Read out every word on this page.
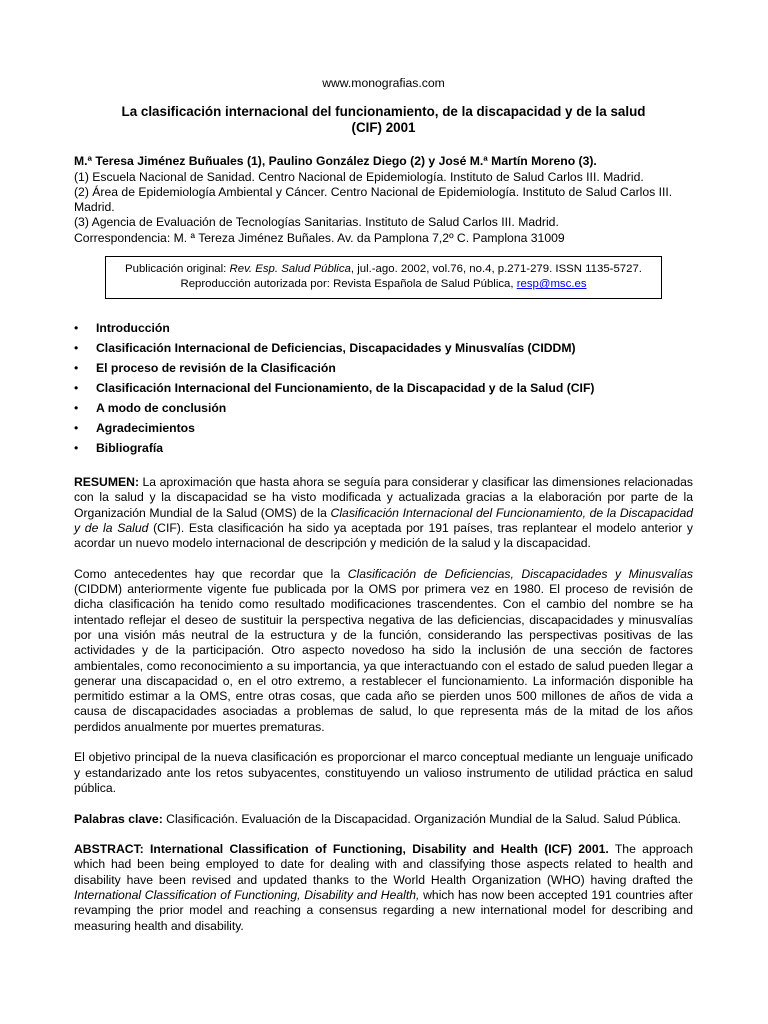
www.monografias.com
La clasificación internacional del funcionamiento, de la discapacidad y de la salud
(CIF) 2001
M.ª Teresa Jiménez Buñuales (1), Paulino González Diego (2) y José M.ª Martín Moreno (3).
(1) Escuela Nacional de Sanidad. Centro Nacional de Epidemiología. Instituto de Salud Carlos III. Madrid.
(2) Área de Epidemiología Ambiental y Cáncer. Centro Nacional de Epidemiología. Instituto de Salud Carlos III. Madrid.
(3) Agencia de Evaluación de Tecnologías Sanitarias. Instituto de Salud Carlos III. Madrid.
Correspondencia: M. ª Tereza Jiménez Buñales. Av. da Pamplona 7,2º C. Pamplona 31009
Publicación original: Rev. Esp. Salud Pública, jul.-ago. 2002, vol.76, no.4, p.271-279. ISSN 1135-5727.
Reproducción autorizada por: Revista Española de Salud Pública, resp@msc.es
• Introducción
• Clasificación Internacional de Deficiencias, Discapacidades y Minusvalías (CIDDM)
• El proceso de revisión de la Clasificación
• Clasificación Internacional del Funcionamiento, de la Discapacidad y de la Salud (CIF)
• A modo de conclusión
• Agradecimientos
• Bibliografía

RESUMEN: La aproximación que hasta ahora se seguía para considerar y clasificar las dimensiones relacionadas con la salud y la discapacidad se ha visto modificada y actualizada gracias a la elaboración por parte de la Organización Mundial de la Salud (OMS) de la Clasificación Internacional del Funcionamiento, de la Discapacidad y de la Salud (CIF). Esta clasificación ha sido ya aceptada por 191 países, tras replantear el modelo anterior y acordar un nuevo modelo internacional de descripción y medición de la salud y la discapacidad.

Como antecedentes hay que recordar que la Clasificación de Deficiencias, Discapacidades y Minusvalías (CIDDM) anteriormente vigente fue publicada por la OMS por primera vez en 1980. El proceso de revisión de dicha clasificación ha tenido como resultado modificaciones trascendentes. Con el cambio del nombre se ha intentado reflejar el deseo de sustituir la perspectiva negativa de las deficiencias, discapacidades y minusvalías por una visión más neutral de la estructura y de la función, considerando las perspectivas positivas de las actividades y de la participación. Otro aspecto novedoso ha sido la inclusión de una sección de factores ambientales, como reconocimiento a su importancia, ya que interactuando con el estado de salud pueden llegar a generar una discapacidad o, en el otro extremo, a restablecer el funcionamiento. La información disponible ha permitido estimar a la OMS, entre otras cosas, que cada año se pierden unos 500 millones de años de vida a causa de discapacidades asociadas a problemas de salud, lo que representa más de la mitad de los años perdidos anualmente por muertes prematuras.

El objetivo principal de la nueva clasificación es proporcionar el marco conceptual mediante un lenguaje unificado y estandarizado ante los retos subyacentes, constituyendo un valioso instrumento de utilidad práctica en salud pública.

Palabras clave: Clasificación. Evaluación de la Discapacidad. Organización Mundial de la Salud. Salud Pública.

ABSTRACT: International Classification of Functioning, Disability and Health (ICF) 2001. The approach which had been being employed to date for dealing with and classifying those aspects related to health and disability have been revised and updated thanks to the World Health Organization (WHO) having drafted the International Classification of Functioning, Disability and Health, which has now been accepted 191 countries after revamping the prior model and reaching a consensus regarding a new international model for describing and measuring health and disability.
